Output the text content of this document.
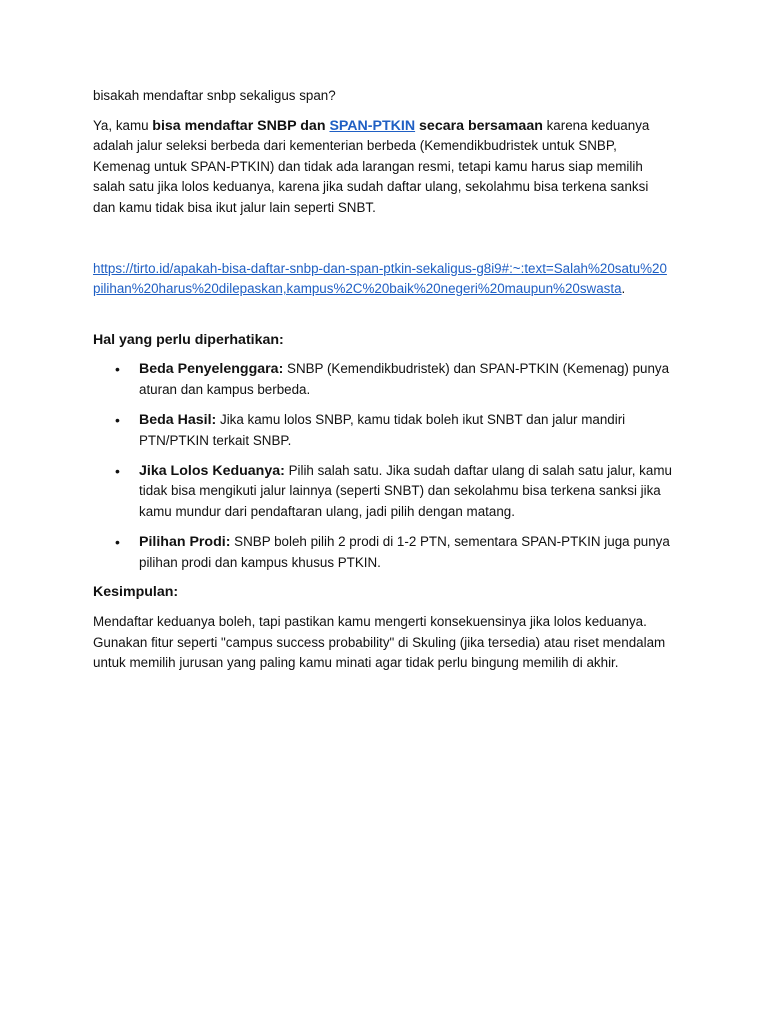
bisakah mendaftar snbp sekaligus span?

Ya, kamu bisa mendaftar SNBP dan SPAN-PTKIN secara bersamaan karena keduanya adalah jalur seleksi berbeda dari kementerian berbeda (Kemendikbudristek untuk SNBP, Kemenag untuk SPAN-PTKIN) dan tidak ada larangan resmi, tetapi kamu harus siap memilih salah satu jika lolos keduanya, karena jika sudah daftar ulang, sekolahmu bisa terkena sanksi dan kamu tidak bisa ikut jalur lain seperti SNBT.

https://tirto.id/apakah-bisa-daftar-snbp-dan-span-ptkin-sekaligus-g8i9#:~:text=Salah%20satu%20pilihan%20harus%20dilepaskan,kampus%2C%20baik%20negeri%20maupun%20swasta.

Hal yang perlu diperhatikan:

• Beda Penyelenggara: SNBP (Kemendikbudristek) dan SPAN-PTKIN (Kemenag) punya aturan dan kampus berbeda.
• Beda Hasil: Jika kamu lolos SNBP, kamu tidak boleh ikut SNBT dan jalur mandiri PTN/PTKIN terkait SNBP.
• Jika Lolos Keduanya: Pilih salah satu. Jika sudah daftar ulang di salah satu jalur, kamu tidak bisa mengikuti jalur lainnya (seperti SNBT) dan sekolahmu bisa terkena sanksi jika kamu mundur dari pendaftaran ulang, jadi pilih dengan matang.
• Pilihan Prodi: SNBP boleh pilih 2 prodi di 1-2 PTN, sementara SPAN-PTKIN juga punya pilihan prodi dan kampus khusus PTKIN.

Kesimpulan:

Mendaftar keduanya boleh, tapi pastikan kamu mengerti konsekuensinya jika lolos keduanya. Gunakan fitur seperti "campus success probability" di Skuling (jika tersedia) atau riset mendalam untuk memilih jurusan yang paling kamu minati agar tidak perlu bingung memilih di akhir.
